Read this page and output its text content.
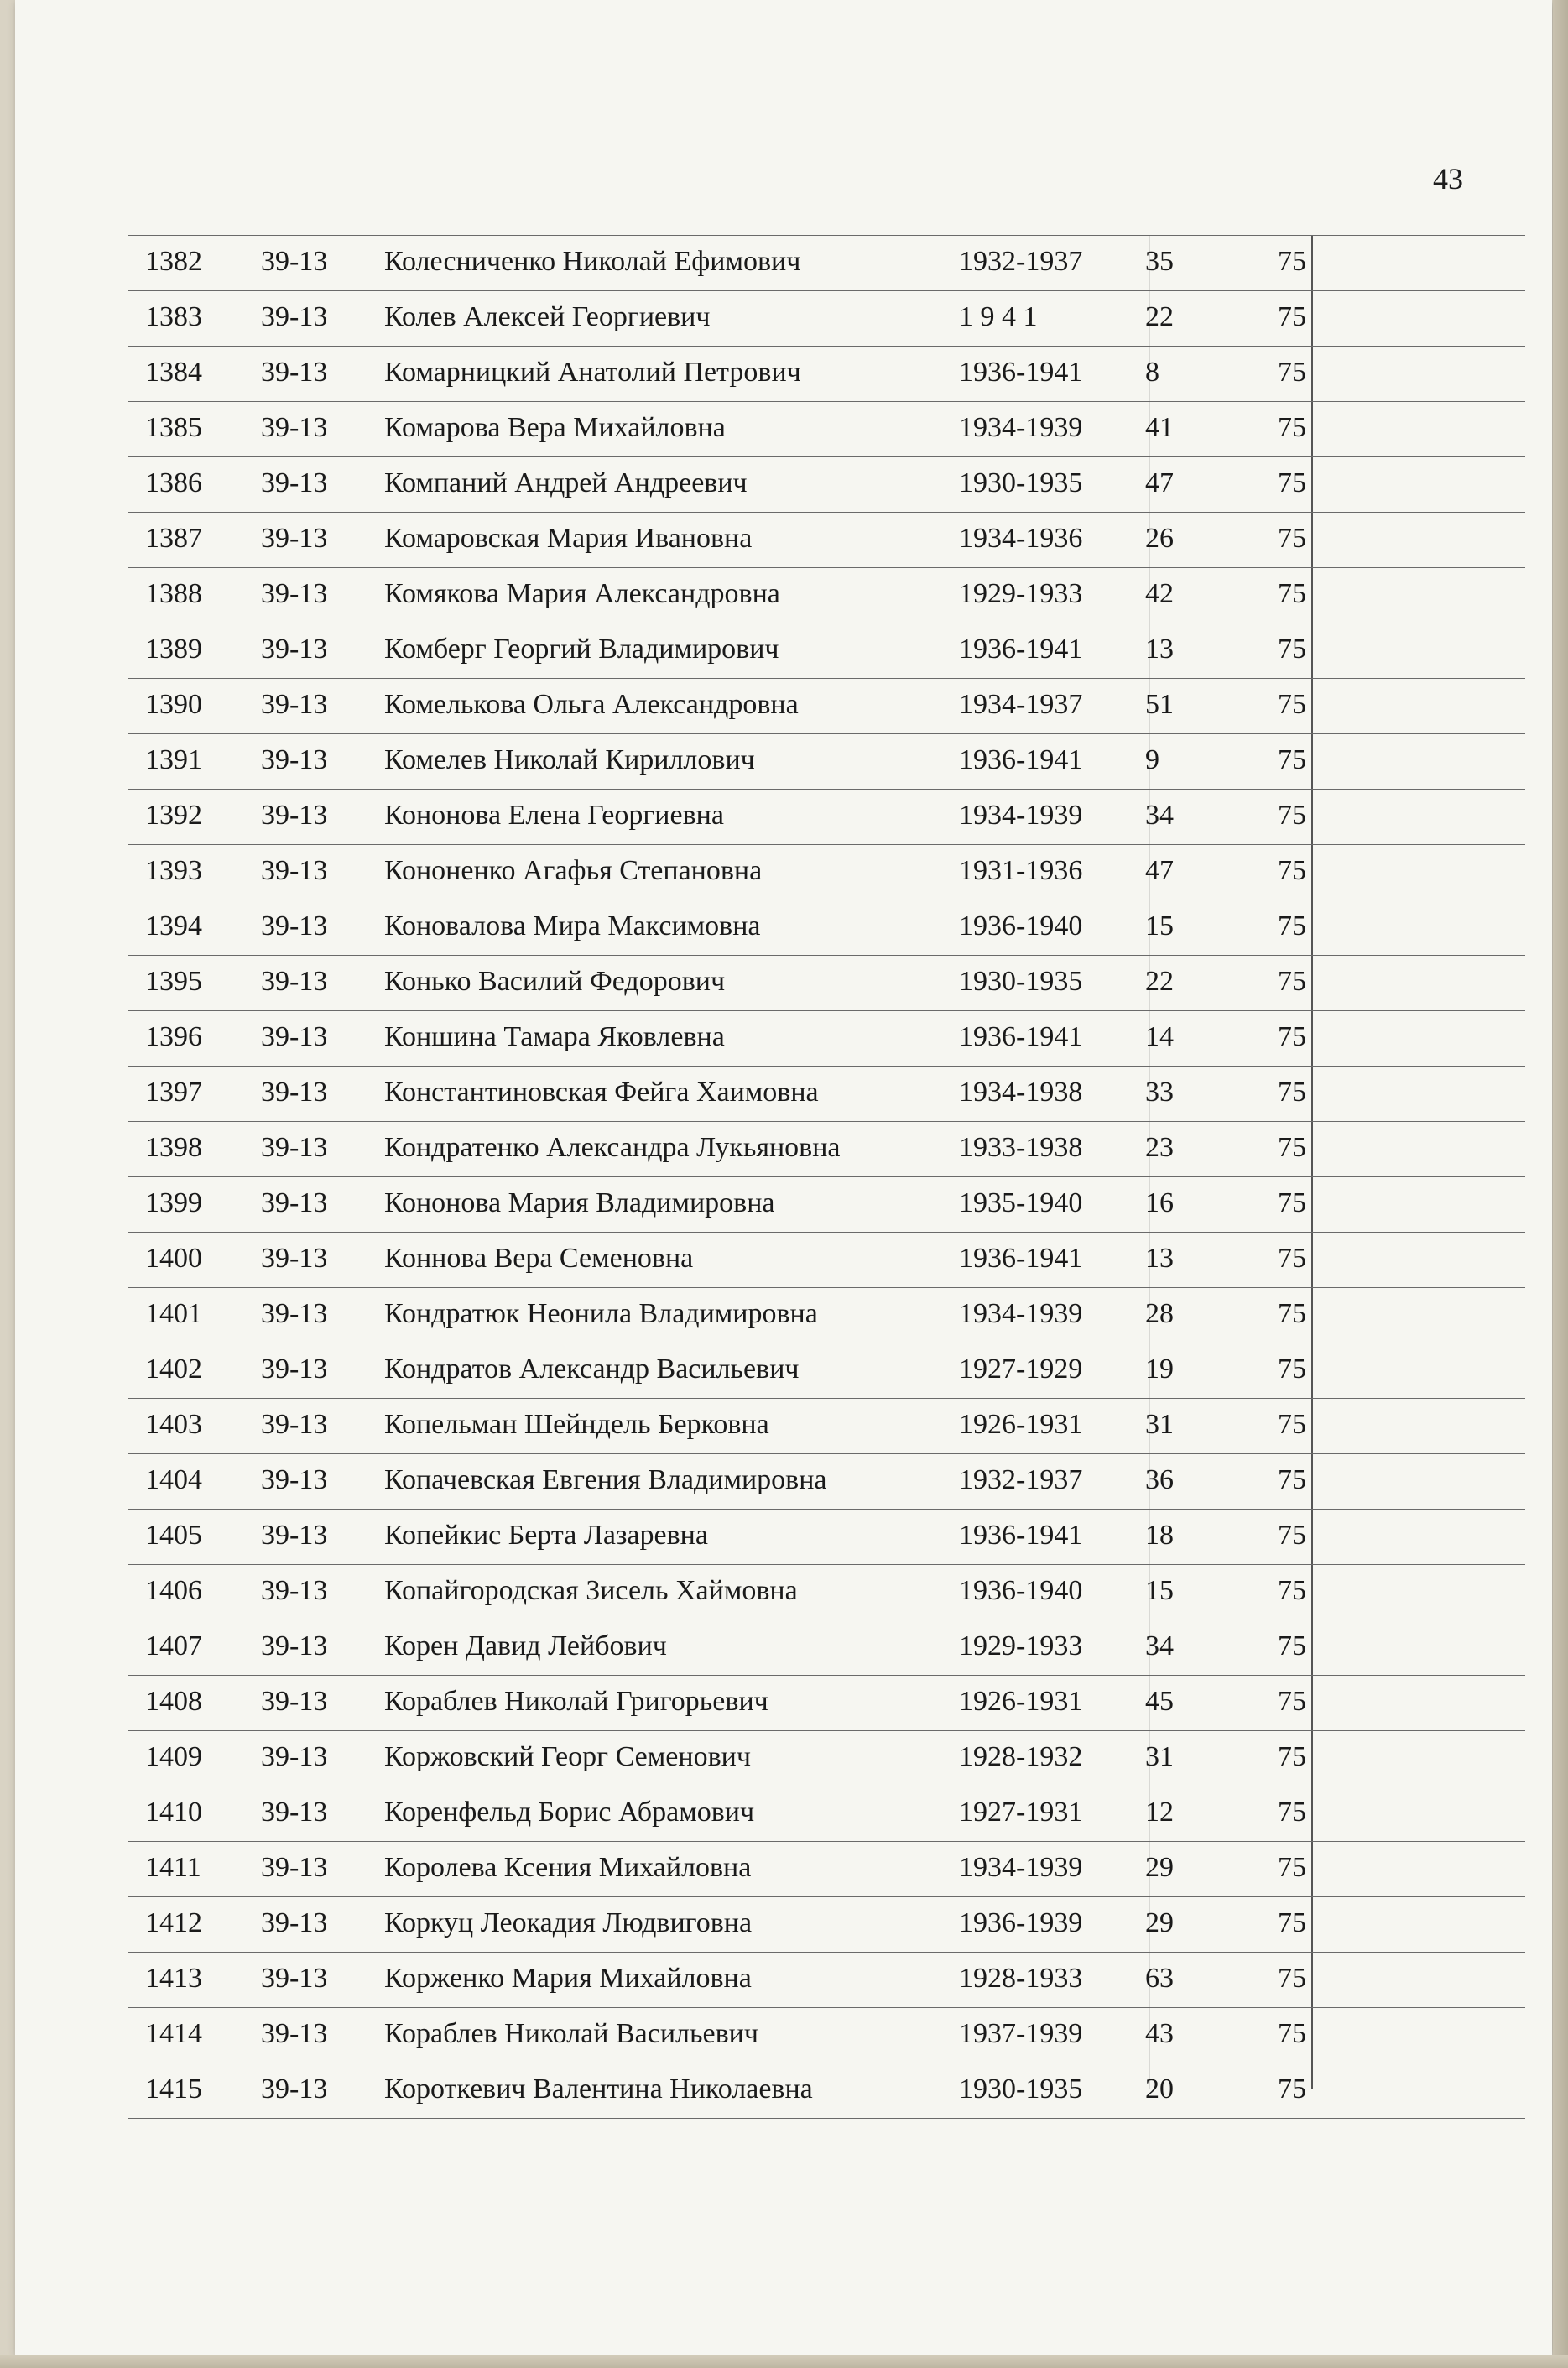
43
1382 39-13 Колесниченко Николай Ефимович	1932-1937 35	75
1383 39-13 Колев Алексей Георгиевич	1 9 4 1	22	75
1384 39-13 Комарницкий Анатолий Петрович	1936-1941 8	75
1385 39-13 Комарова Вера Михайловна	1934-1939 41	75
1386 39-13 Компаний Андрей Андреевич	1930-1935 47	75
1387 39-13 Комаровская Мария Ивановна	1934-1936 26	75
1388 39-13 Комякова Мария Александровна	1929-1933 42	75
1389 39-13 Комберг Георгий Владимирович	1936-1941 13	75
1390 39-13 Комелькова Ольга Александровна	1934-1937 51	75
1391 39-13 Комелев Николай Кириллович	1936-1941 9	75
1392 39-13 Кононова Елена Георгиевна	1934-1939 34	75
1393 39-13 Кононенко Агафья Степановна	1931-1936 47	75
1394 39-13 Коновалова Мира Максимовна	1936-1940 15	75
1395 39-13 Конько Василий Федорович	1930-1935 22	75
1396 39-13 Коншина Тамара Яковлевна	1936-1941 14	75
1397 39-13 Константиновская Фейга Хаимовна	1934-1938 33	75
1398 39-13 Кондратенко Александра Лукьяновна	1933-1938 23	75
1399 39-13 Кононова Мария Владимировна	1935-1940 16	75
1400 39-13 Коннова Вера Семеновна	1936-1941 13	75
1401 39-13 Кондратюк Неонила Владимировна	1934-1939 28	75
1402 39-13 Кондратов Александр Васильевич	1927-1929 19	75
1403 39-13 Копельман Шейндель Берковна	1926-1931 31	75
1404 39-13 Копачевская Евгения Владимировна	1932-1937 36	75
1405 39-13 Копейкис Берта Лазаревна	1936-1941 18	75
1406 39-13 Копайгородская Зисель Хаймовна	1936-1940 15	75
1407 39-13 Корен Давид Лейбович	1929-1933 34	75
1408 39-13 Кораблев Николай Григорьевич	1926-1931 45	75
1409 39-13 Коржовский Георг Семенович	1928-1932 31	75
1410 39-13 Коренфельд Борис Абрамович	1927-1931 12	75
1411 39-13 Королева Ксения Михайловна	1934-1939 29	75
1412 39-13 Коркуц Леокадия Людвиговна	1936-1939 29	75
1413 39-13 Корженко Мария Михайловна	1928-1933 63	75
1414 39-13 Кораблев Николай Васильевич	1937-1939 43	75
1415 39-13 Короткевич Валентина Николаевна	1930-1935 20	75
